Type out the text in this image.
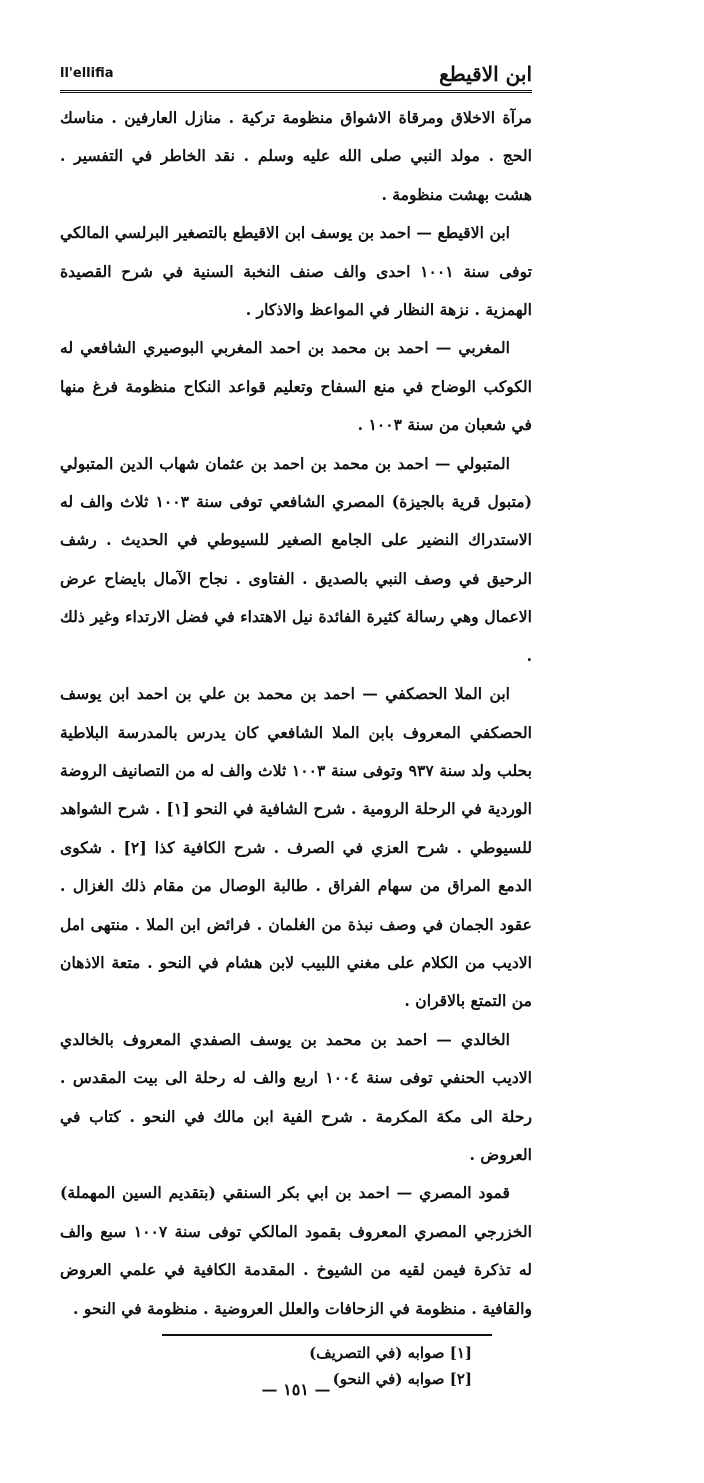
ابن الاقيطع
ll'ellifia

مرآة الاخلاق ومرقاة الاشواق منظومة تركية . منازل العارفين . مناسك الحج . مولد النبي صلى الله عليه وسلم . نقد الخاطر في التفسير . هشت بهشت منظومة .

ابن الاقيطع — احمد بن يوسف ابن الاقيطع بالتصغير البرلسي المالكي توفى سنة ١٠٠١ احدى والف صنف النخبة السنية في شرح القصيدة الهمزية . نزهة النظار في المواعظ والاذكار .

المغربي — احمد بن محمد بن احمد المغربي البوصيري الشافعي له الكوكب الوضاح في منع السفاح وتعليم قواعد النكاح منظومة فرغ منها في شعبان من سنة ١٠٠٣ .

المتبولي — احمد بن محمد بن احمد بن عثمان شهاب الدين المتبولي (متبول قرية بالجيزة) المصري الشافعي توفى سنة ١٠٠٣ ثلاث والف له الاستدراك النضير على الجامع الصغير للسيوطي في الحديث . رشف الرحيق في وصف النبي بالصديق . الفتاوى . نجاح الآمال بايضاح عرض الاعمال وهي رسالة كثيرة الفائدة نيل الاهتداء في فضل الارتداء وغير ذلك .

ابن الملا الحصكفي — احمد بن محمد بن علي بن احمد ابن يوسف الحصكفي المعروف بابن الملا الشافعي كان يدرس بالمدرسة البلاطية بحلب ولد سنة ٩٣٧ وتوفى سنة ١٠٠٣ ثلاث والف له من التصانيف الروضة الوردية في الرحلة الرومية . شرح الشافية في النحو [١] . شرح الشواهد للسيوطي . شرح العزي في الصرف . شرح الكافية كذا [٢] . شكوى الدمع المراق من سهام الفراق . طالبة الوصال من مقام ذلك الغزال . عقود الجمان في وصف نبذة من الغلمان . فرائض ابن الملا . منتهى امل الاديب من الكلام على مغني اللبيب لابن هشام في النحو . متعة الاذهان من التمتع بالاقران .

الخالدي — احمد بن محمد بن يوسف الصفدي المعروف بالخالدي الاديب الحنفي توفى سنة ١٠٠٤ اربع والف له رحلة الى بيت المقدس . رحلة الى مكة المكرمة . شرح الفية ابن مالك في النحو . كتاب في العروض .

قمود المصري — احمد بن ابي بكر السنقي (بتقديم السين المهملة) الخزرجي المصري المعروف بقمود المالكي توفى سنة ١٠٠٧ سبع والف له تذكرة فيمن لقيه من الشيوخ . المقدمة الكافية في علمي العروض والقافية . منظومة في الزحافات والعلل العروضية . منظومة في النحو .

[١] صوابه (في التصريف)
[٢] صوابه (في النحو)
— ١٥١ —
